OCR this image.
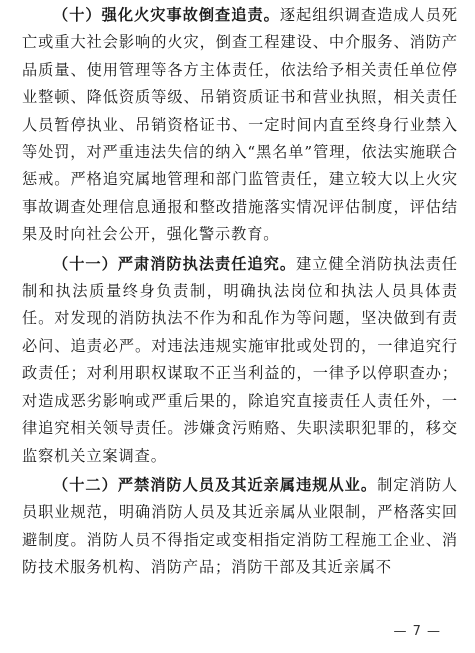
（十）强化火灾事故倒查追责。逐起组织调查造成人员死亡或重大社会影响的火灾，倒查工程建设、中介服务、消防产品质量、使用管理等各方主体责任，依法给予相关责任单位停业整顿、降低资质等级、吊销资质证书和营业执照，相关责任人员暂停执业、吊销资格证书、一定时间内直至终身行业禁入等处罚，对严重违法失信的纳入“黑名单”管理，依法实施联合惩戒。严格追究属地管理和部门监管责任，建立较大以上火灾事故调查处理信息通报和整改措施落实情况评估制度，评估结果及时向社会公开，强化警示教育。

（十一）严肃消防执法责任追究。建立健全消防执法责任制和执法质量终身负责制，明确执法岗位和执法人员具体责任。对发现的消防执法不作为和乱作为等问题，坚决做到有责必问、追责必严。对违法违规实施审批或处罚的，一律追究行政责任；对利用职权谋取不正当利益的，一律予以停职查办；对造成恶劣影响或严重后果的，除追究直接责任人责任外，一律追究相关领导责任。涉嫌贪污贿赂、失职渎职犯罪的，移交监察机关立案调查。

（十二）严禁消防人员及其近亲属违规从业。制定消防人员职业规范，明确消防人员及其近亲属从业限制，严格落实回避制度。消防人员不得指定或变相指定消防工程施工企业、消防技术服务机构、消防产品；消防干部及其近亲属不

— 7 —
